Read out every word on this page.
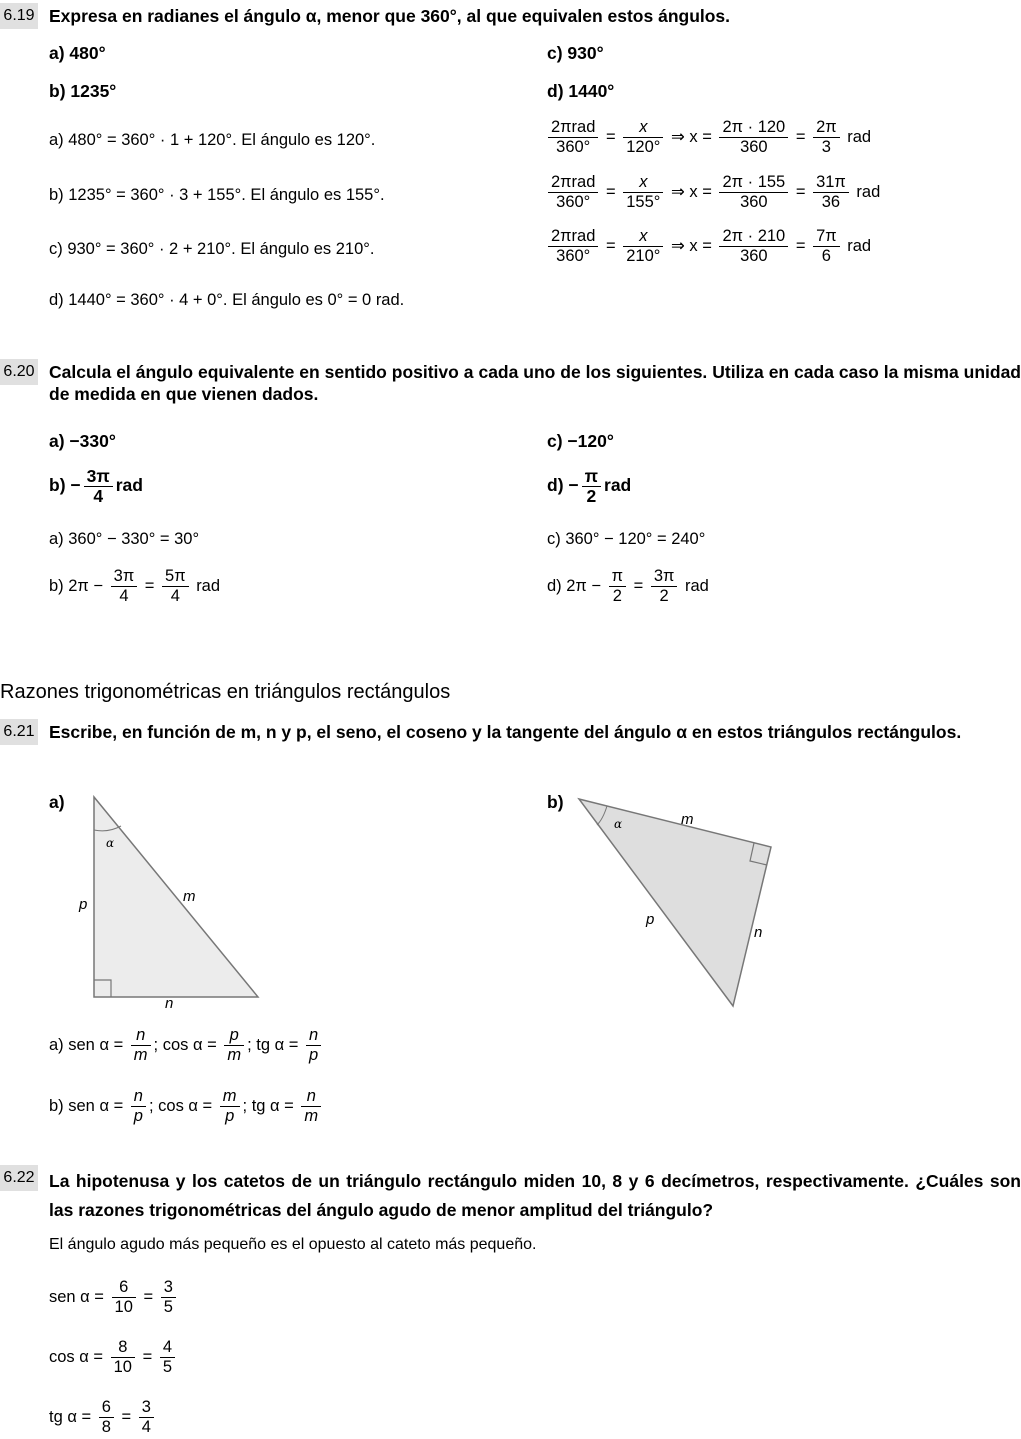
6.19 Expresa en radianes el ángulo α, menor que 360°, al que equivalen estos ángulos.
a) 480°	c) 930°
b) 1235°	d) 1440°
a) 480° = 360° · 1 + 120°. El ángulo es 120°.	$\frac{\text{2πrad}}{360^\circ} = \frac{x}{120^\circ}$ ⇒ $x = \frac{2\pi \cdot 120}{360} = \frac{2\pi}{3}$ rad
b) 1235° = 360° · 3 + 155°. El ángulo es 155°.	$\frac{\text{2πrad}}{360^\circ} = \frac{x}{155^\circ}$ ⇒ $x = \frac{2\pi \cdot 155}{360} = \frac{31\pi}{36}$ rad
c) 930° = 360° · 2 + 210°. El ángulo es 210°.	$\frac{\text{2πrad}}{360^\circ} = \frac{x}{210^\circ}$ ⇒ $x = \frac{2\pi \cdot 210}{360} = \frac{7\pi}{6}$ rad
d) 1440° = 360° · 4 + 0°. El ángulo es 0° = 0 rad.
6.20 Calcula el ángulo equivalente en sentido positivo a cada uno de los siguientes. Utiliza en cada caso la misma unidad de medida en que vienen dados.
a) −330°	c) −120°
$b) - \frac{3\pi}{4}$ rad	$d) - \frac{\pi}{2}$ rad
a) 360° − 330° = 30°	c) 360° − 120° = 240°
b) $2\pi - \frac{3\pi}{4} = \frac{5\pi}{4}$ rad	d) $2\pi - \frac{\pi}{2} = \frac{3\pi}{2}$ rad
Razones trigonométricas en triángulos rectángulos
6.21 Escribe, en función de m, n y p, el seno, el coseno y la tangente del ángulo α en estos triángulos rectángulos.
a)	b)
α
p	m
n
α	m
p
n
a) sen $\alpha = \frac{n}{m}$ ; $\cos \alpha = \frac{p}{m}$ ; tg $\alpha = \frac{n}{p}$
b) sen $\alpha = \frac{n}{p}$ ; $\cos \alpha = \frac{m}{p}$ ; tg $\alpha = \frac{n}{m}$
6.22 La hipotenusa y los catetos de un triángulo rectángulo miden 10, 8 y 6 decímetros, respectivamente. ¿Cuáles son las razones trigonométricas del ángulo agudo de menor amplitud del triángulo?
El ángulo agudo más pequeño es el opuesto al cateto más pequeño.
sen $\alpha = \frac{6}{10} = \frac{3}{5}$
$\cos \alpha = \frac{8}{10} = \frac{4}{5}$
tg $\alpha = \frac{6}{8} = \frac{3}{4}$
